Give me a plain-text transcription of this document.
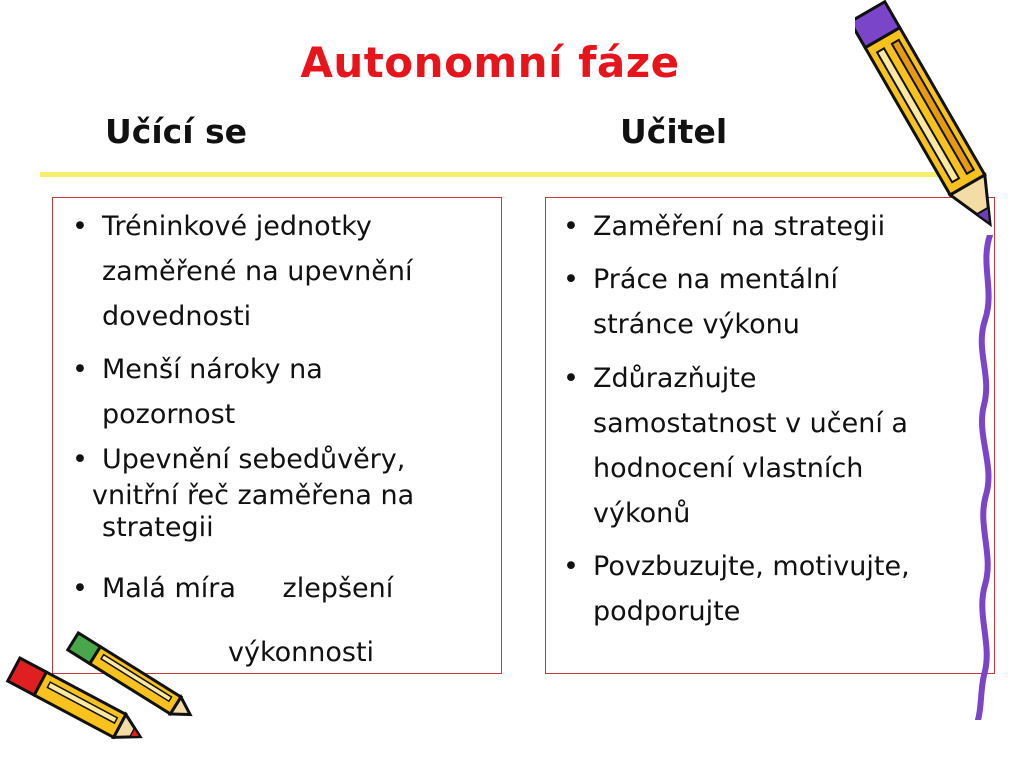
Autonomní fáze
Učící se	Učitel
• Tréninkové jednotky
zaměřené na upevnění
dovednosti
• Menší nároky na
pozornost
• Upevnění sebedůvěry,
vnitřní řeč zaměřena na
strategii
• Malá míra zlepšení
výkonnosti
• Zaměření na strategii
• Práce na mentální
stránce výkonu
• Zdůrazňujte
samostatnost v učení a
hodnocení vlastních
výkonů
• Povzbuzujte, motivujte,
podporujte
